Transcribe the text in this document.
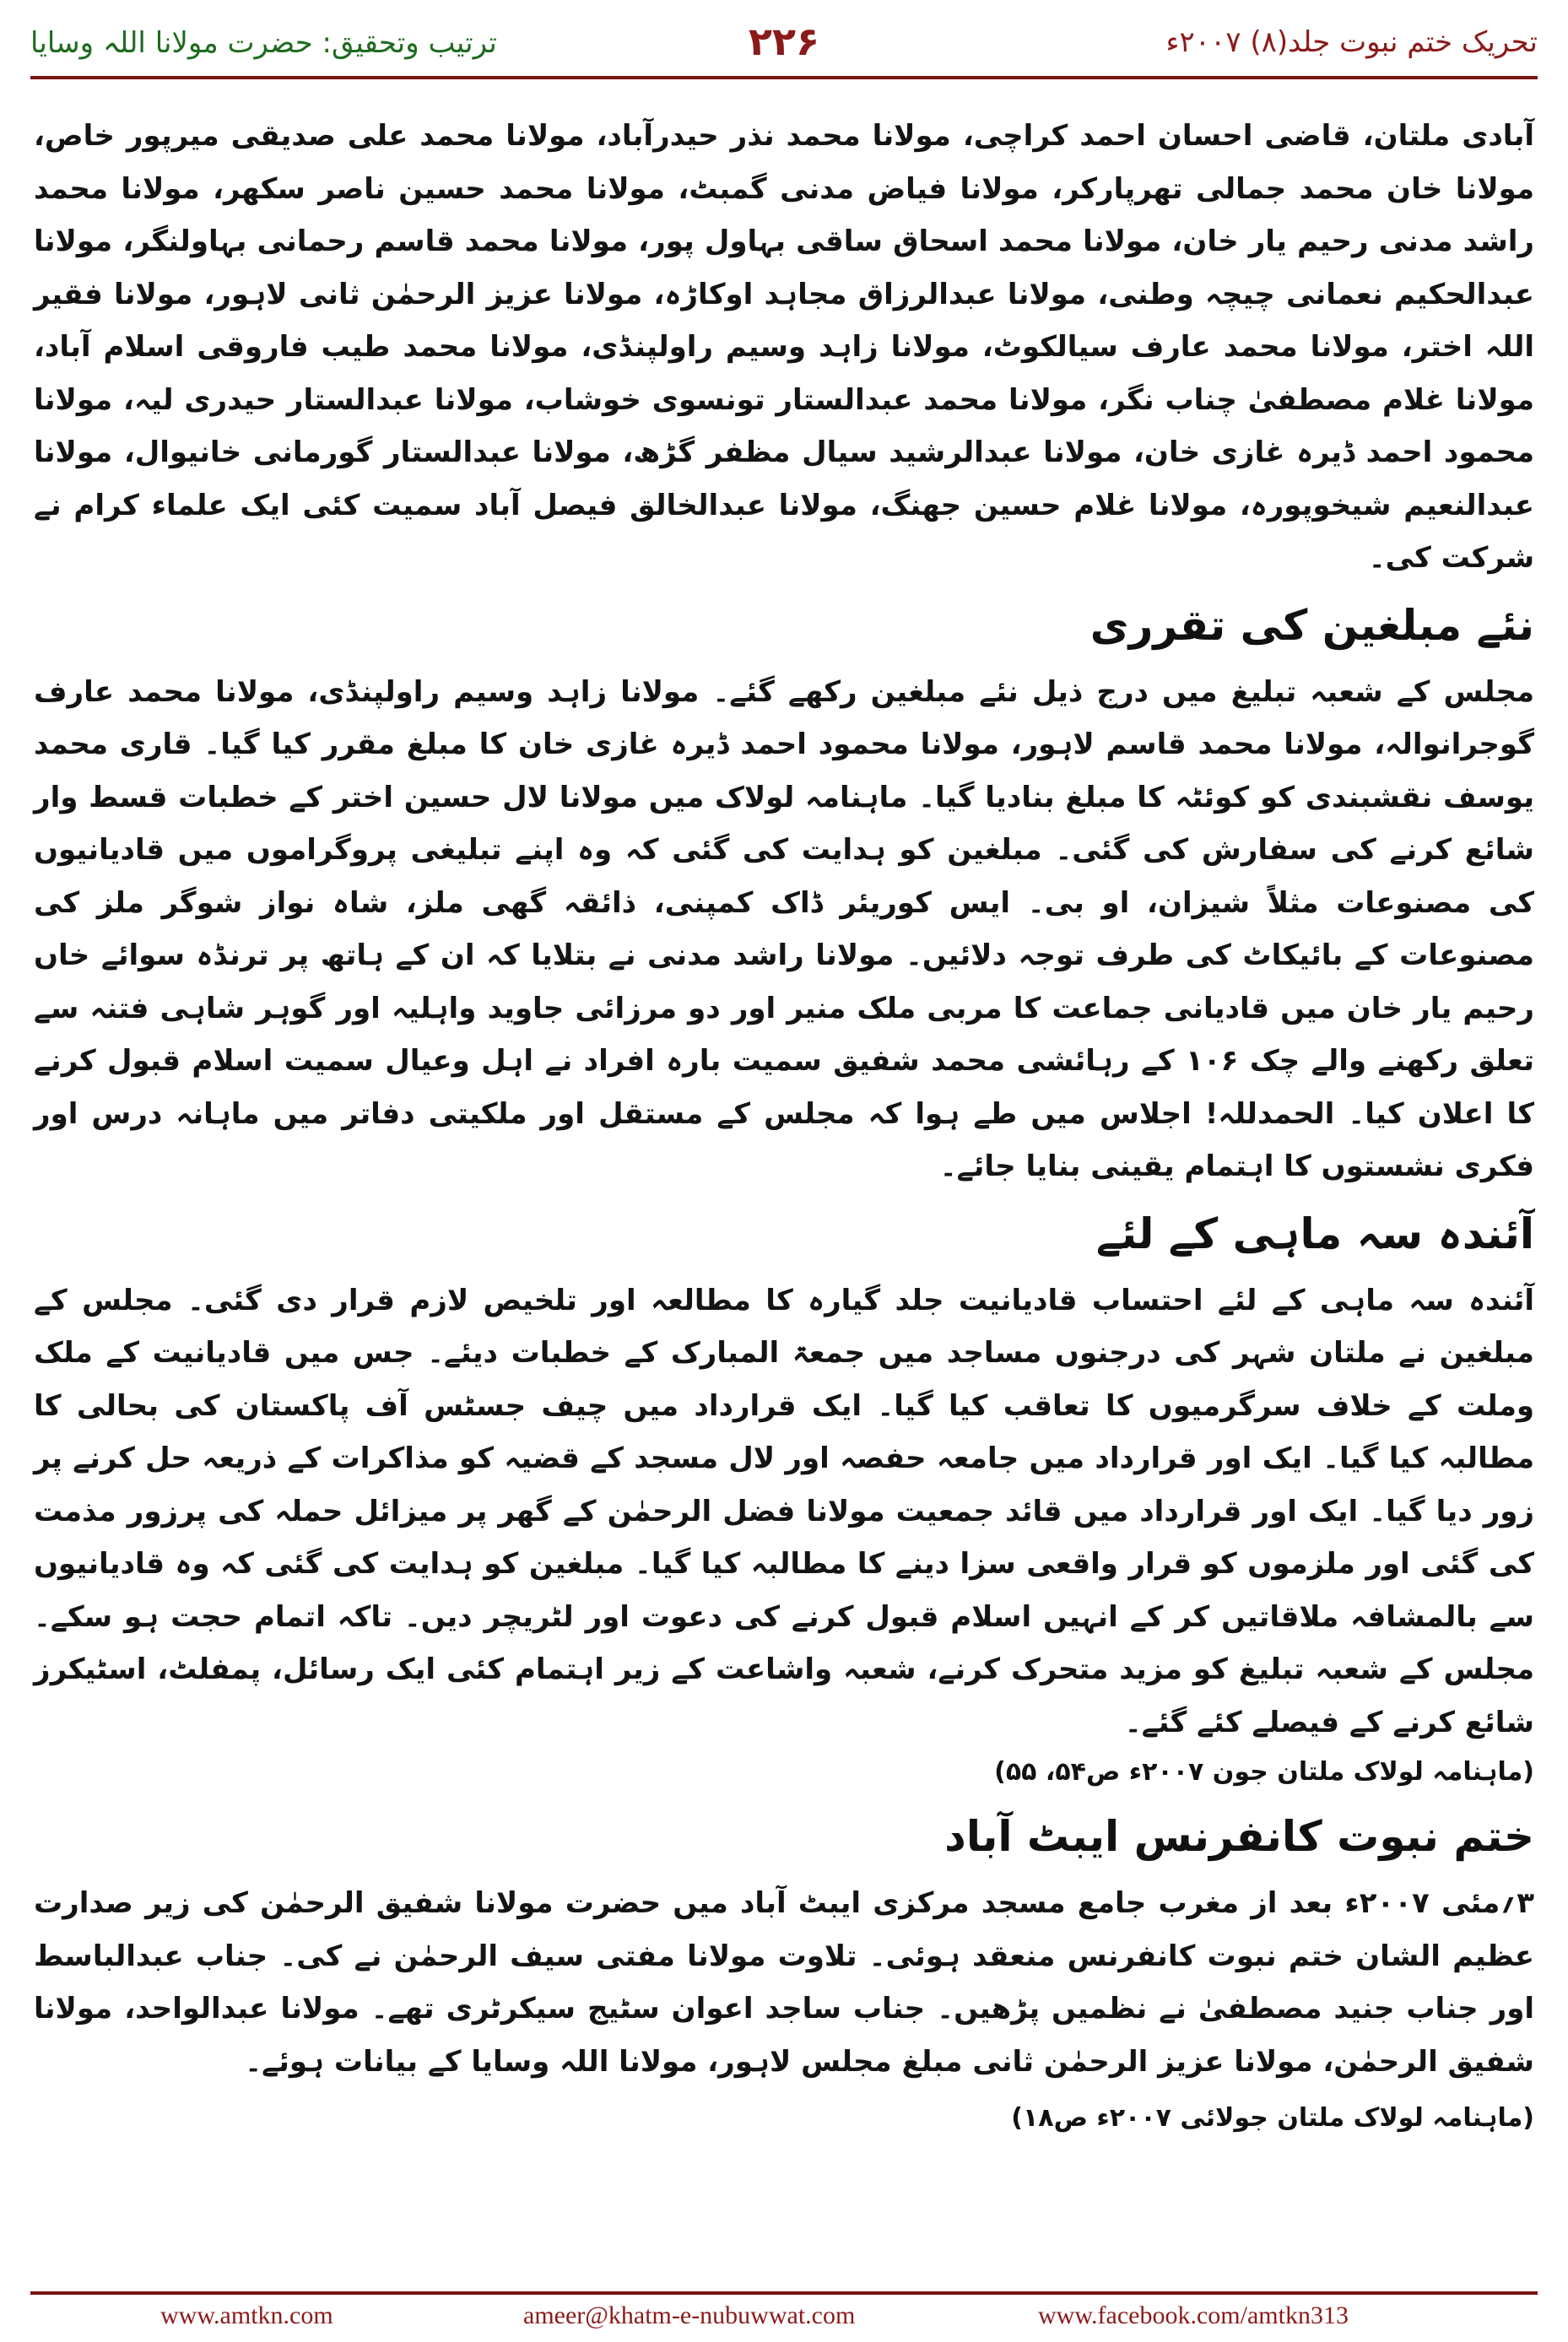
ترتیب وتحقیق: حضرت مولانا اللہ وسایا	۲۲۶	تحریک ختم نبوت جلد(۸) ۲۰۰۷ء

آبادی ملتان، قاضی احسان احمد کراچی، مولانا محمد نذر حیدرآباد، مولانا محمد علی صدیقی میرپور خاص، مولانا خان محمد جمالی تھرپارکر، مولانا فیاض مدنی گمبٹ، مولانا محمد حسین ناصر سکھر، مولانا محمد راشد مدنی رحیم یار خان، مولانا محمد اسحاق ساقی بہاول پور، مولانا محمد قاسم رحمانی بہاولنگر، مولانا عبدالحکیم نعمانی چیچہ وطنی، مولانا عبدالرزاق مجاہد اوکاڑہ، مولانا عزیز الرحمٰن ثانی لاہور، مولانا فقیر اللہ اختر، مولانا محمد عارف سیالکوٹ، مولانا زاہد وسیم راولپنڈی، مولانا محمد طیب فاروقی اسلام آباد، مولانا غلام مصطفیٰ چناب نگر، مولانا محمد عبدالستار تونسوی خوشاب، مولانا عبدالستار حیدری لیہ، مولانا محمود احمد ڈیرہ غازی خان، مولانا عبدالرشید سیال مظفر گڑھ، مولانا عبدالستار گورمانی خانیوال، مولانا عبدالنعیم شیخوپورہ، مولانا غلام حسین جھنگ، مولانا عبدالخالق فیصل آباد سمیت کئی ایک علماء کرام نے شرکت کی۔

نئے مبلغین کی تقرری

مجلس کے شعبہ تبلیغ میں درج ذیل نئے مبلغین رکھے گئے۔ مولانا زاہد وسیم راولپنڈی، مولانا محمد عارف گوجرانوالہ، مولانا محمد قاسم لاہور، مولانا محمود احمد ڈیرہ غازی خان کا مبلغ مقرر کیا گیا۔ قاری محمد یوسف نقشبندی کو کوئٹہ کا مبلغ بنادیا گیا۔ ماہنامہ لولاک میں مولانا لال حسین اختر کے خطبات قسط وار شائع کرنے کی سفارش کی گئی۔ مبلغین کو ہدایت کی گئی کہ وہ اپنے تبلیغی پروگراموں میں قادیانیوں کی مصنوعات مثلاً شیزان، او بی۔ ایس کوریئر ڈاک کمپنی، ذائقہ گھی ملز، شاہ نواز شوگر ملز کی مصنوعات کے بائیکاٹ کی طرف توجہ دلائیں۔ مولانا راشد مدنی نے بتلایا کہ ان کے ہاتھ پر ترنڈہ سوائے خاں رحیم یار خان میں قادیانی جماعت کا مربی ملک منیر اور دو مرزائی جاوید واہلیہ اور گوہر شاہی فتنہ سے تعلق رکھنے والے چک ۱۰۶ کے رہائشی محمد شفیق سمیت بارہ افراد نے اہل وعیال سمیت اسلام قبول کرنے کا اعلان کیا۔ الحمدللہ! اجلاس میں طے ہوا کہ مجلس کے مستقل اور ملکیتی دفاتر میں ماہانہ درس اور فکری نشستوں کا اہتمام یقینی بنایا جائے۔

آئندہ سہ ماہی کے لئے

آئندہ سہ ماہی کے لئے احتساب قادیانیت جلد گیارہ کا مطالعہ اور تلخیص لازم قرار دی گئی۔ مجلس کے مبلغین نے ملتان شہر کی درجنوں مساجد میں جمعۃ المبارک کے خطبات دیئے۔ جس میں قادیانیت کے ملک وملت کے خلاف سرگرمیوں کا تعاقب کیا گیا۔ ایک قرارداد میں چیف جسٹس آف پاکستان کی بحالی کا مطالبہ کیا گیا۔ ایک اور قرارداد میں جامعہ حفصہ اور لال مسجد کے قضیہ کو مذاکرات کے ذریعہ حل کرنے پر زور دیا گیا۔ ایک اور قرارداد میں قائد جمعیت مولانا فضل الرحمٰن کے گھر پر میزائل حملہ کی پرزور مذمت کی گئی اور ملزموں کو قرار واقعی سزا دینے کا مطالبہ کیا گیا۔ مبلغین کو ہدایت کی گئی کہ وہ قادیانیوں سے بالمشافہ ملاقاتیں کر کے انہیں اسلام قبول کرنے کی دعوت اور لٹریچر دیں۔ تاکہ اتمام حجت ہو سکے۔ مجلس کے شعبہ تبلیغ کو مزید متحرک کرنے، شعبہ واشاعت کے زیر اہتمام کئی ایک رسائل، پمفلٹ، اسٹیکرز شائع کرنے کے فیصلے کئے گئے۔

(ماہنامہ لولاک ملتان جون ۲۰۰۷ء ص۵۴، ۵۵)
ختم نبوت کانفرنس ایبٹ آباد

۳؍مئی ۲۰۰۷ء بعد از مغرب جامع مسجد مرکزی ایبٹ آباد میں حضرت مولانا شفیق الرحمٰن کی زیر صدارت عظیم الشان ختم نبوت کانفرنس منعقد ہوئی۔ تلاوت مولانا مفتی سیف الرحمٰن نے کی۔ جناب عبدالباسط اور جناب جنید مصطفیٰ نے نظمیں پڑھیں۔ جناب ساجد اعوان سٹیج سیکرٹری تھے۔ مولانا عبدالواحد، مولانا شفیق الرحمٰن، مولانا عزیز الرحمٰن ثانی مبلغ مجلس لاہور، مولانا اللہ وسایا کے بیانات ہوئے۔

(ماہنامہ لولاک ملتان جولائی ۲۰۰۷ء ص۱۸)
www.amtkn.com	ameer@khatm-e-nubuwwat.com	www.facebook.com/amtkn313
